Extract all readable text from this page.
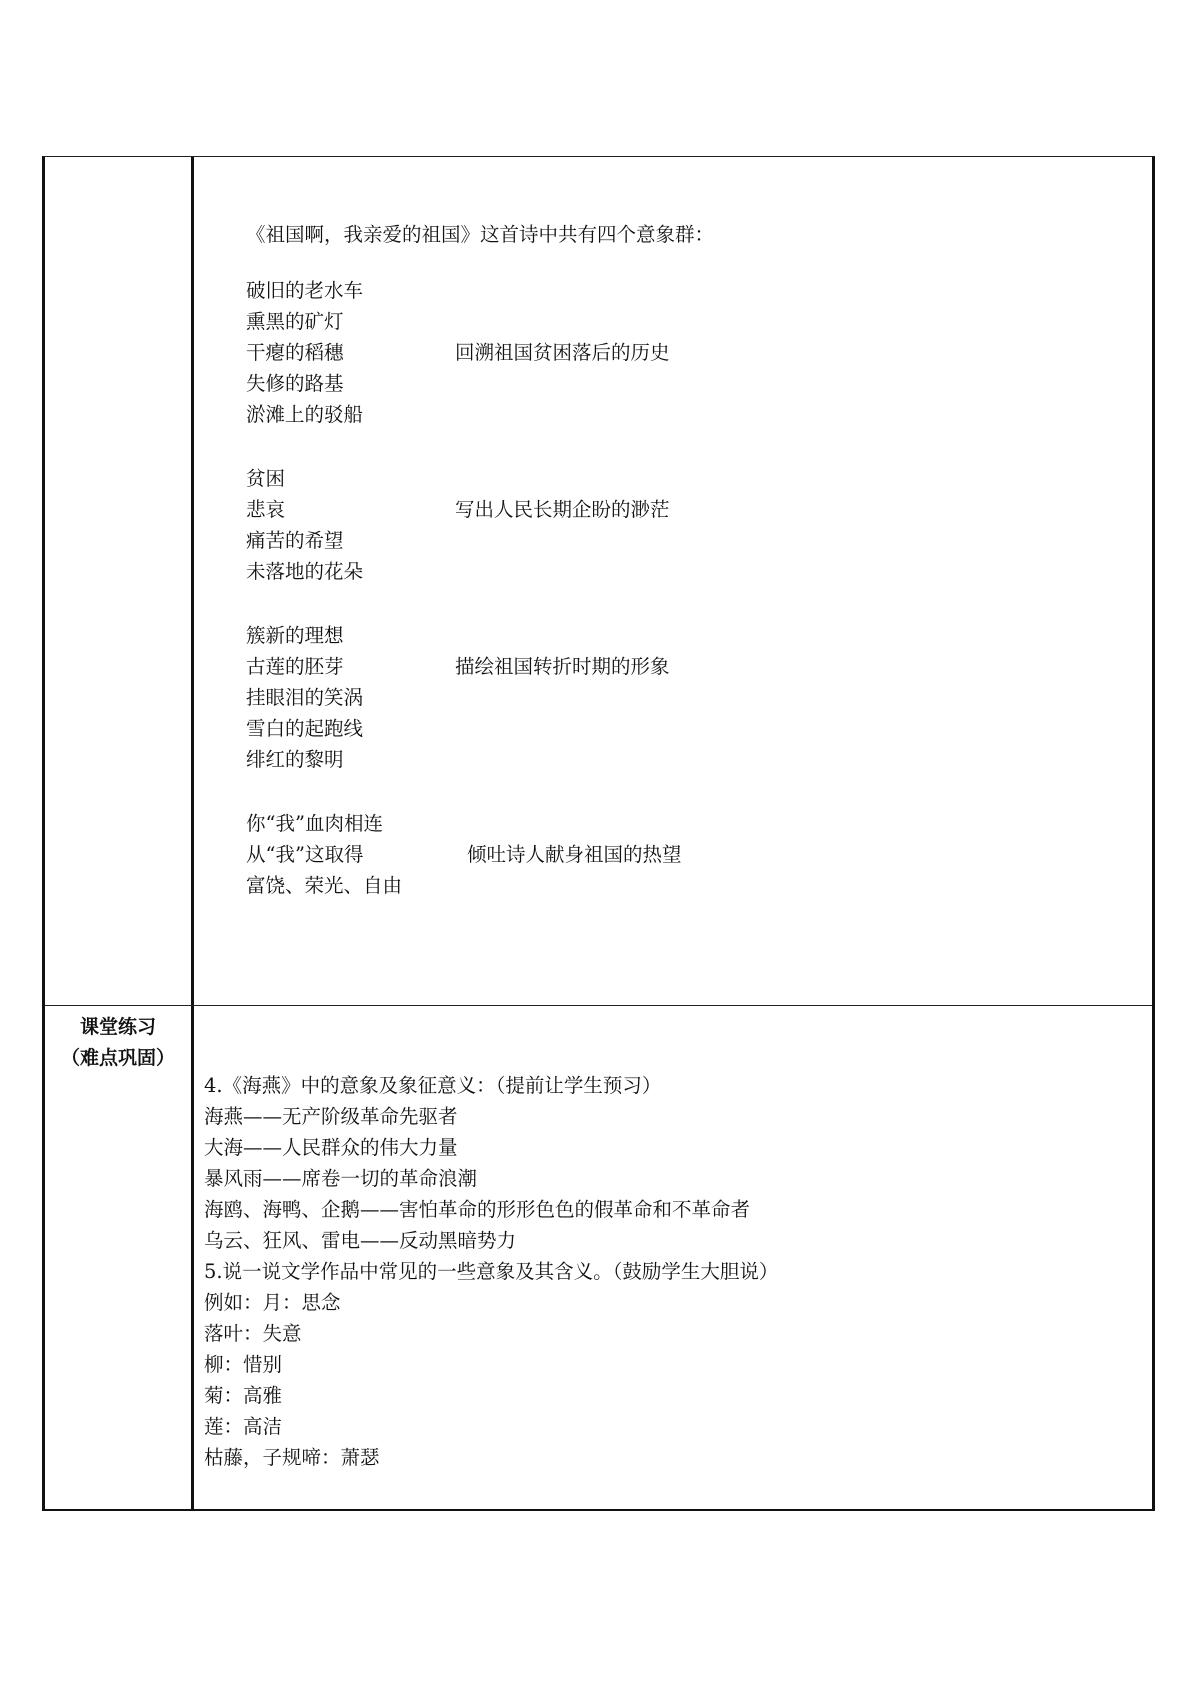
《祖国啊，我亲爱的祖国》这首诗中共有四个意象群：
破旧的老水车
熏黑的矿灯
干瘪的稻穗
失修的路基
淤滩上的驳船
回溯祖国贫困落后的历史
贫困
悲哀
痛苦的希望
未落地的花朵
写出人民长期企盼的渺茫
簇新的理想
古莲的胚芽
挂眼泪的笑涡
雪白的起跑线
绯红的黎明
描绘祖国转折时期的形象
你“我”血肉相连
从“我”这取得
富饶、荣光、自由
倾吐诗人献身祖国的热望
课堂练习
（难点巩固）
4.《海燕》中的意象及象征意义：（提前让学生预习）
海燕——无产阶级革命先驱者
大海——人民群众的伟大力量
暴风雨——席卷一切的革命浪潮
海鸥、海鸭、企鹅——害怕革命的形形色色的假革命和不革命者
乌云、狂风、雷电——反动黑暗势力
5.说一说文学作品中常见的一些意象及其含义。（鼓励学生大胆说）
例如：月：思念
落叶：失意
柳：惜别
菊：高雅
莲：高洁
枯藤，子规啼：萧瑟
